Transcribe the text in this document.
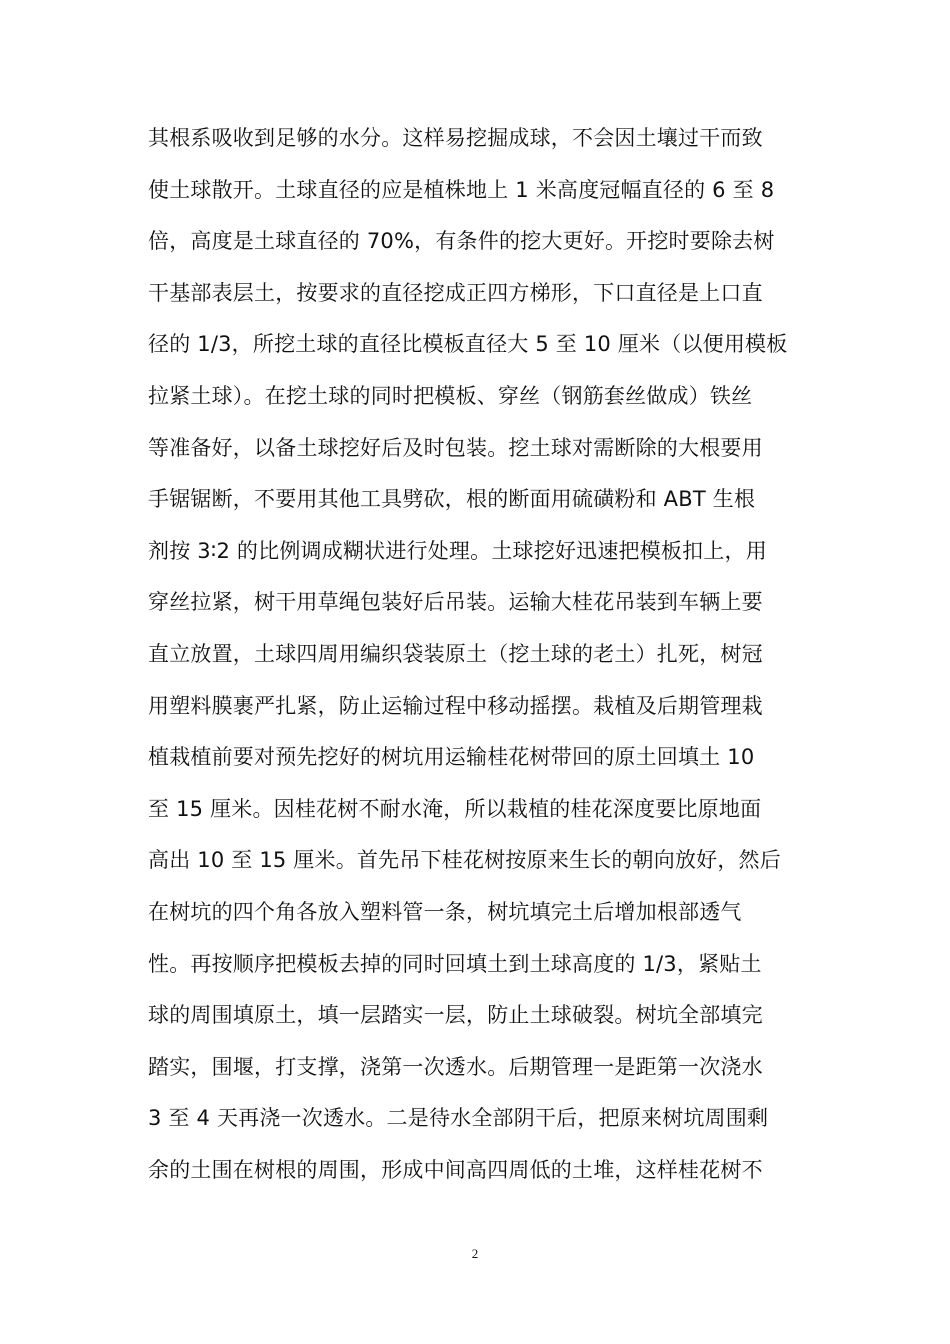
其根系吸收到足够的水分。这样易挖掘成球，不会因土壤过干而致
使土球散开。土球直径的应是植株地上 1 米高度冠幅直径的 6 至 8
倍，高度是土球直径的 70%，有条件的挖大更好。开挖时要除去树
干基部表层土，按要求的直径挖成正四方梯形，下口直径是上口直
径的 1/3，所挖土球的直径比模板直径大 5 至 10 厘米（以便用模板
拉紧土球）。在挖土球的同时把模板、穿丝（钢筋套丝做成）铁丝
等准备好，以备土球挖好后及时包装。挖土球对需断除的大根要用
手锯锯断，不要用其他工具劈砍，根的断面用硫磺粉和 ABT 生根
剂按 3∶2 的比例调成糊状进行处理。土球挖好迅速把模板扣上，用
穿丝拉紧，树干用草绳包装好后吊装。运输大桂花吊装到车辆上要
直立放置，土球四周用编织袋装原土（挖土球的老土）扎死，树冠
用塑料膜裹严扎紧，防止运输过程中移动摇摆。栽植及后期管理栽
植栽植前要对预先挖好的树坑用运输桂花树带回的原土回填土 10
至 15 厘米。因桂花树不耐水淹，所以栽植的桂花深度要比原地面
高出 10 至 15 厘米。首先吊下桂花树按原来生长的朝向放好，然后
在树坑的四个角各放入塑料管一条，树坑填完土后增加根部透气
性。再按顺序把模板去掉的同时回填土到土球高度的 1/3，紧贴土
球的周围填原土，填一层踏实一层，防止土球破裂。树坑全部填完
踏实，围堰，打支撑，浇第一次透水。后期管理一是距第一次浇水
3 至 4 天再浇一次透水。二是待水全部阴干后，把原来树坑周围剩
余的土围在树根的周围，形成中间高四周低的土堆，这样桂花树不
2
